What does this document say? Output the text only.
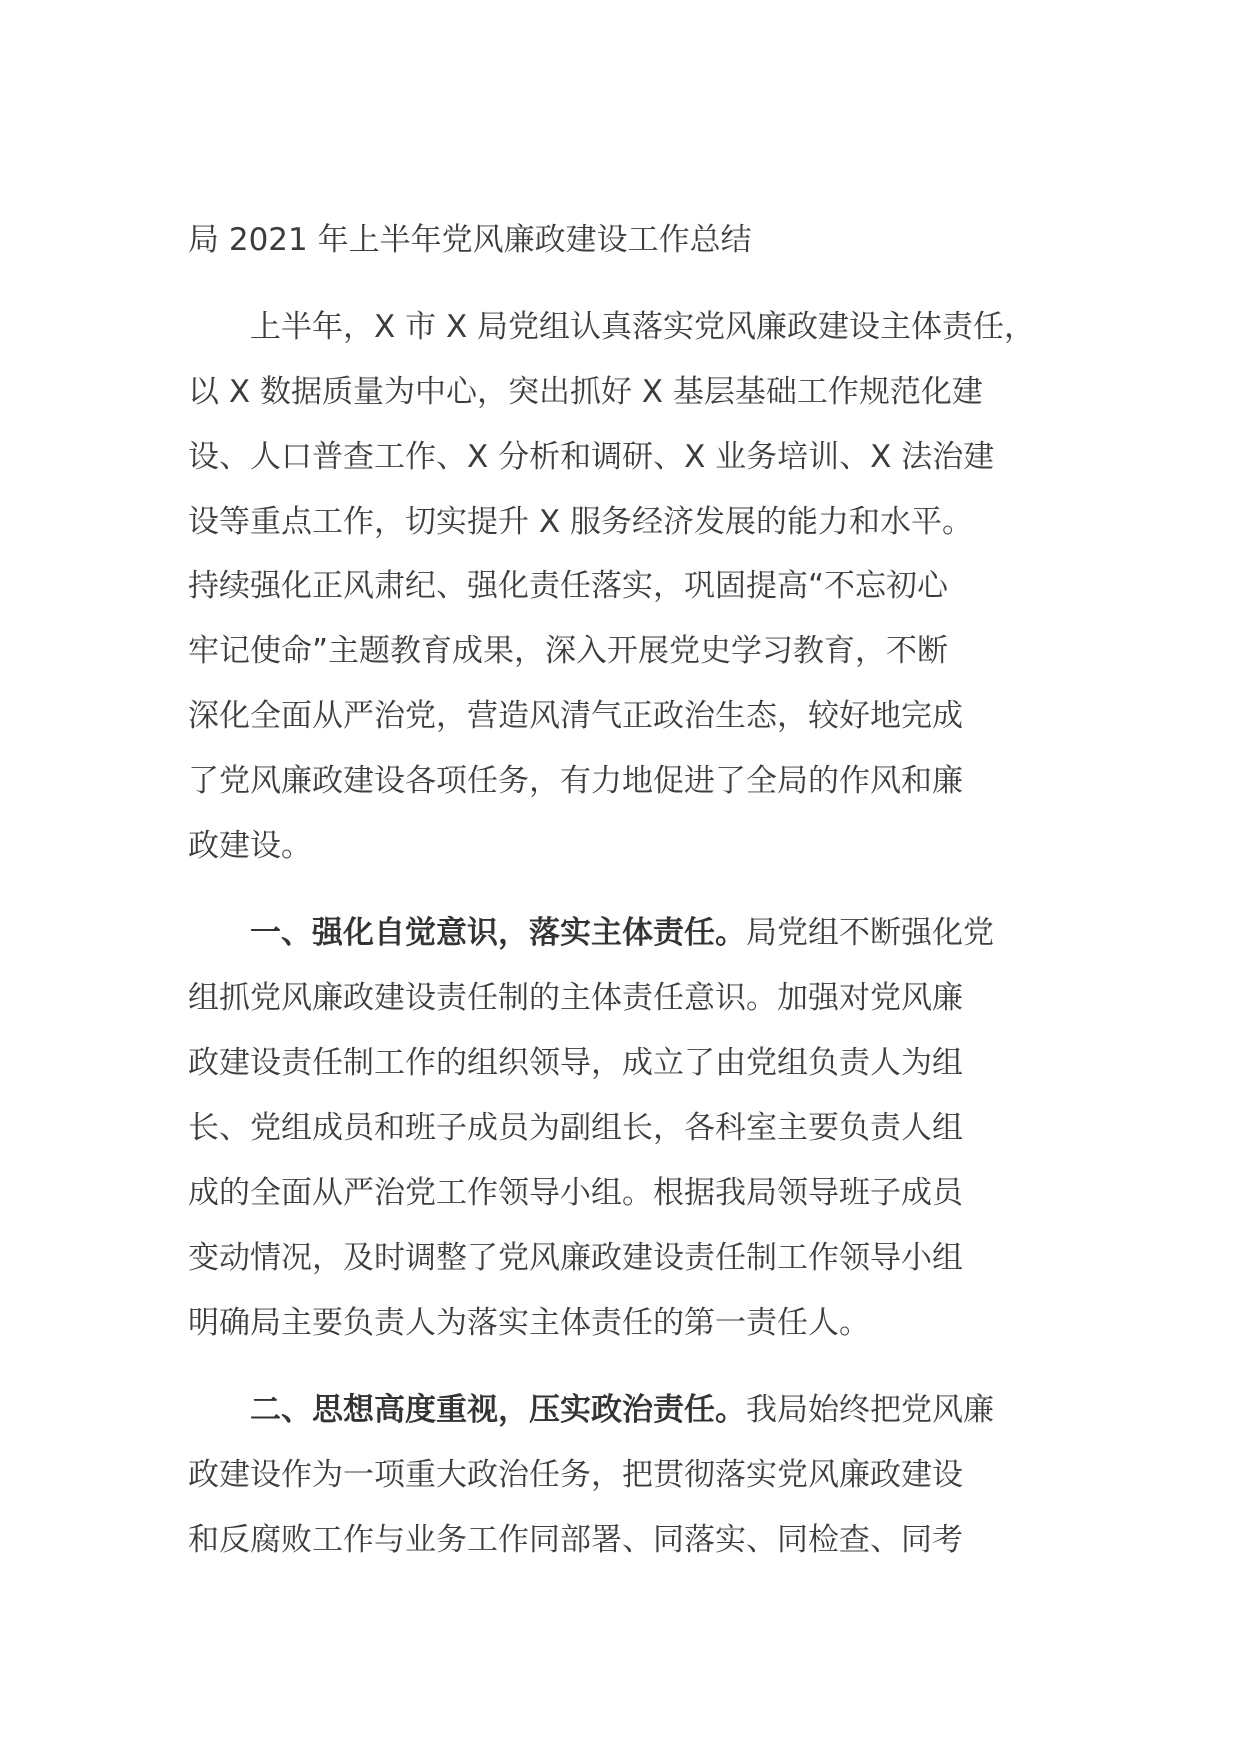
局 2021 年上半年党风廉政建设工作总结
　　上半年，X 市 X 局党组认真落实党风廉政建设主体责任，
以 X 数据质量为中心，突出抓好 X 基层基础工作规范化建
设、人口普查工作、X 分析和调研、X 业务培训、X 法治建
设等重点工作，切实提升 X 服务经济发展的能力和水平。
持续强化正风肃纪、强化责任落实，巩固提高“不忘初心
牢记使命”主题教育成果，深入开展党史学习教育，不断
深化全面从严治党，营造风清气正政治生态，较好地完成
了党风廉政建设各项任务，有力地促进了全局的作风和廉
政建设。
　　一、强化自觉意识，落实主体责任。局党组不断强化党
组抓党风廉政建设责任制的主体责任意识。加强对党风廉
政建设责任制工作的组织领导，成立了由党组负责人为组
长、党组成员和班子成员为副组长，各科室主要负责人组
成的全面从严治党工作领导小组。根据我局领导班子成员
变动情况，及时调整了党风廉政建设责任制工作领导小组
明确局主要负责人为落实主体责任的第一责任人。
　　二、思想高度重视，压实政治责任。我局始终把党风廉
政建设作为一项重大政治任务，把贯彻落实党风廉政建设
和反腐败工作与业务工作同部署、同落实、同检查、同考
